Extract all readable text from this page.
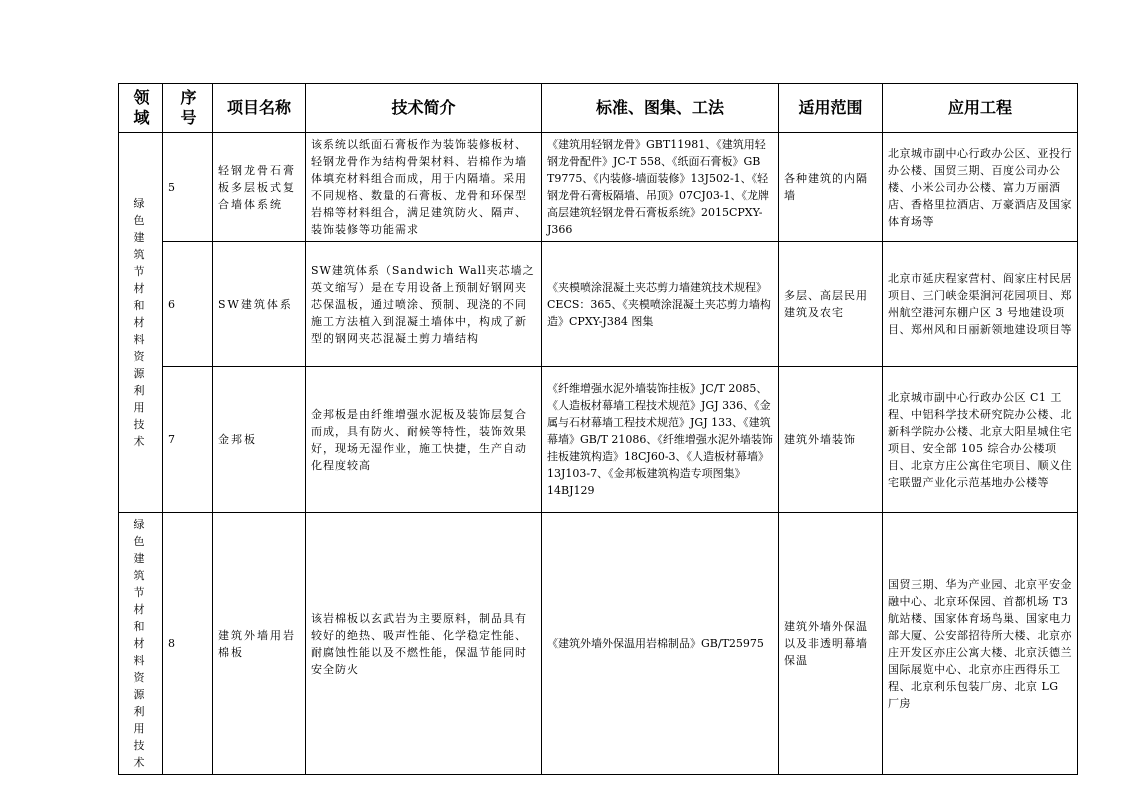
领域	序号	项目名称	技术简介	标准、图集、工法	适用范围	应用工程

绿色建筑节材和材料资源利用技术	5	轻钢龙骨石膏板多层板式复合墙体系统	该系统以纸面石膏板作为装饰装修板材、轻钢龙骨作为结构骨架材料、岩棉作为墙体填充材料组合而成，用于内隔墙。采用不同规格、数量的石膏板、龙骨和环保型岩棉等材料组合，满足建筑防火、隔声、装饰装修等功能需求	《建筑用轻钢龙骨》GBT11981、《建筑用轻钢龙骨配件》JC-T 558、《纸面石膏板》GB T9775、《内装修-墙面装修》13J502-1、《轻钢龙骨石膏板隔墙、吊顶》07CJ03-1、《龙牌高层建筑轻钢龙骨石膏板系统》2015CPXY-J366	各种建筑的内隔墙	北京城市副中心行政办公区、亚投行办公楼、国贸三期、百度公司办公楼、小米公司办公楼、富力万丽酒店、香格里拉酒店、万豪酒店及国家体育场等
	6	SW建筑体系	SW建筑体系（Sandwich Wall夹芯墙之英文缩写）是在专用设备上预制好钢网夹芯保温板，通过喷涂、预制、现浇的不同施工方法植入到混凝土墙体中，构成了新型的钢网夹芯混凝土剪力墙结构	《夹模喷涂混凝土夹芯剪力墙建筑技术规程》CECS：365、《夹模喷涂混凝土夹芯剪力墙构造》CPXY-J384 图集	多层、高层民用建筑及农宅	北京市延庆程家营村、阎家庄村民居项目、三门峡金渠涧河花园项目、郑州航空港河东棚户区 3 号地建设项目、郑州风和日丽新领地建设项目等
	7	金邦板	金邦板是由纤维增强水泥板及装饰层复合而成，具有防火、耐候等特性，装饰效果好，现场无湿作业，施工快捷，生产自动化程度较高	《纤维增强水泥外墙装饰挂板》JC/T 2085、《人造板材幕墙工程技术规范》JGJ 336、《金属与石材幕墙工程技术规范》JGJ 133、《建筑幕墙》GB/T 21086、《纤维增强水泥外墙装饰挂板建筑构造》18CJ60-3、《人造板材幕墙》13J103-7、《金邦板建筑构造专项图集》14BJ129	建筑外墙装饰	北京城市副中心行政办公区 C1 工程、中铝科学技术研究院办公楼、北新科学院办公楼、北京大阳星城住宅项目、安全部 105 综合办公楼项目、北京方庄公寓住宅项目、顺义住宅联盟产业化示范基地办公楼等

绿色建筑节材和材料资源利用技术	8	建筑外墙用岩棉板	该岩棉板以玄武岩为主要原料，制品具有较好的绝热、吸声性能、化学稳定性能、耐腐蚀性能以及不燃性能，保温节能同时安全防火	《建筑外墙外保温用岩棉制品》GB/T25975	建筑外墙外保温以及非透明幕墙保温	国贸三期、华为产业园、北京平安金融中心、北京环保园、首都机场 T3 航站楼、国家体育场鸟巢、国家电力部大厦、公安部招待所大楼、北京亦庄开发区亦庄公寓大楼、北京沃德兰国际展览中心、北京亦庄西得乐工程、北京利乐包装厂房、北京 LG 厂房
